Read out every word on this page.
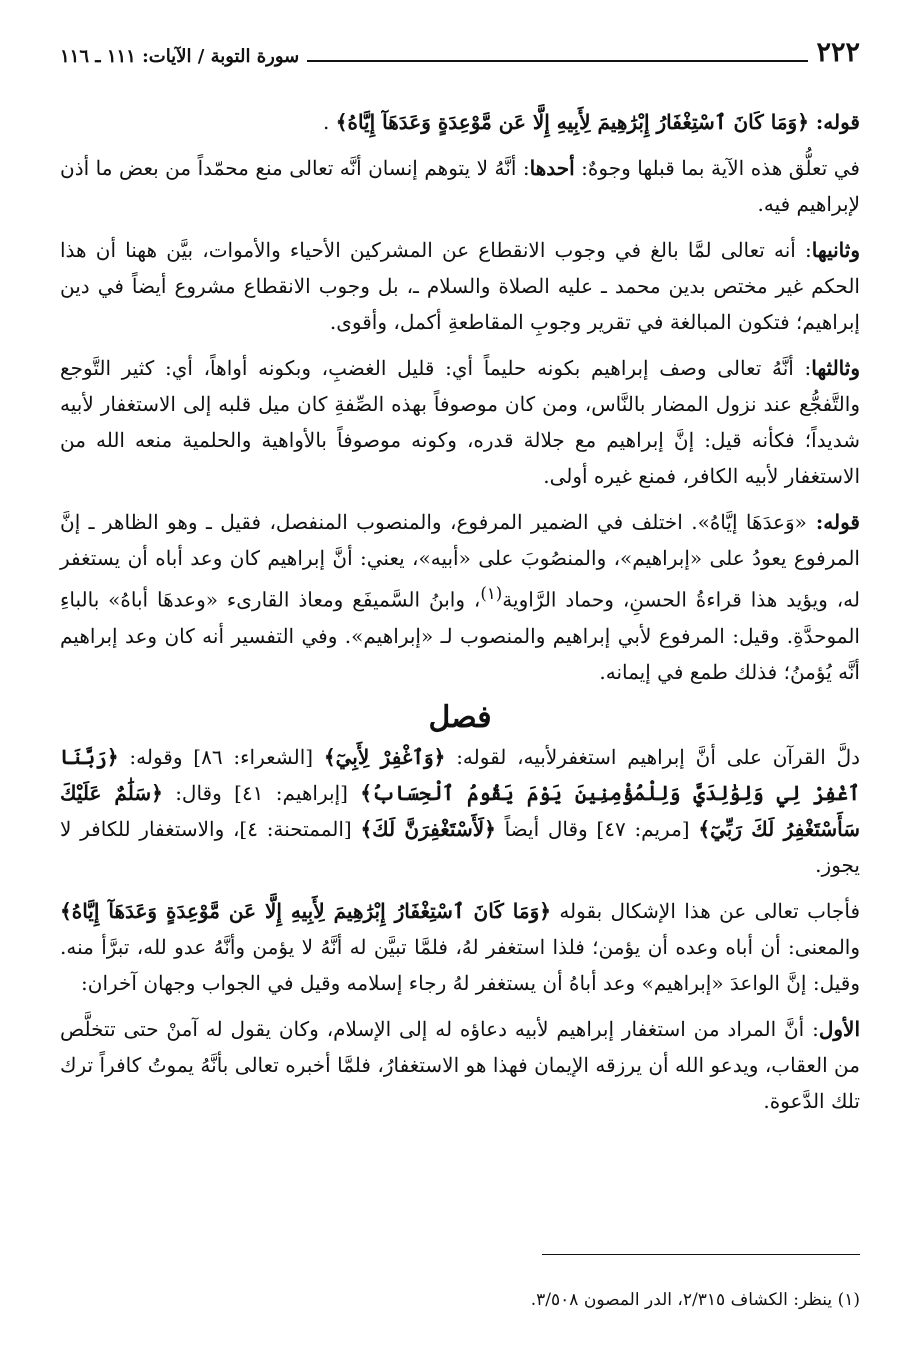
٢٢٢
سورة التوبة / الآيات: ١١١ ـ ١١٦

قوله: ﴿وَمَا كَانَ ٱسْتِغْفَارُ إِبْرَٰهِيمَ لِأَبِيهِ إِلَّا عَن مَّوْعِدَةٍ وَعَدَهَآ إِيَّاهُ﴾ .

في تعلُّق هذه الآية بما قبلها وجوهٌ: أحدها: أنَّهُ لا يتوهم إنسان أنَّه تعالى منع محمّداً من بعض ما أذن لإبراهيم فيه.

وثانيها: أنه تعالى لمَّا بالغ في وجوب الانقطاع عن المشركين الأحياء والأموات، بيَّن ههنا أن هذا الحكم غير مختص بدين محمد ـ عليه الصلاة والسلام ـ، بل وجوب الانقطاع مشروع أيضاً في دين إبراهيم؛ فتكون المبالغة في تقرير وجوبِ المقاطعةِ أكمل، وأقوى.

وثالثها: أنَّهُ تعالى وصف إبراهيم بكونه حليماً أي: قليل الغضبِ، وبكونه أواهاً، أي: كثير التَّوجع والتَّفجُّع عند نزول المضار بالنَّاس، ومن كان موصوفاً بهذه الصِّفةِ كان ميل قلبه إلى الاستغفار لأبيه شديداً؛ فكأنه قيل: إنَّ إبراهيم مع جلالة قدره، وكونه موصوفاً بالأواهية والحلمية منعه الله من الاستغفار لأبيه الكافر، فمنع غيره أولى.

قوله: «وَعدَهَا إيَّاهُ». اختلف في الضمير المرفوع، والمنصوب المنفصل، فقيل ـ وهو الظاهر ـ إنَّ المرفوع يعودُ على «إبراهيم»، والمنصُوبَ على «أبيه»، يعني: أنَّ إبراهيم كان وعد أباه أن يستغفر له، ويؤيد هذا قراءةُ الحسنِ، وحماد الرَّاوية$^{(١)}$، وابنُ السَّميفَع ومعاذ القارىء «وعدهَا أباهُ» بالباءِ الموحدَّةِ. وقيل: المرفوع لأبي إبراهيم والمنصوب لـ «إبراهيم». وفي التفسير أنه كان وعد إبراهيم أنَّه يُؤمنُ؛ فذلك طمع في إيمانه.

فصل

دلَّ القرآن على أنَّ إبراهيم استغفرلأبيه، لقوله: ﴿وَٱغْفِرْ لِأَبِيٓ﴾ [الشعراء: ٨٦] وقوله: ﴿رَبَّنَا ٱغْفِرْ لِي وَلِوَٰلِدَيَّ وَلِلْمُؤْمِنِينَ يَوْمَ يَقُومُ ٱلْحِسَابُ﴾ [إبراهيم: ٤١] وقال: ﴿سَلَٰمٌ عَلَيْكَ سَأَسْتَغْفِرُ لَكَ رَبِّيٓ﴾ [مريم: ٤٧] وقال أيضاً ﴿لَأَسْتَغْفِرَنَّ لَكَ﴾ [الممتحنة: ٤]، والاستغفار للكافر لا يجوز.

فأجاب تعالى عن هذا الإشكال بقوله ﴿وَمَا كَانَ ٱسْتِغْفَارُ إِبْرَٰهِيمَ لِأَبِيهِ إِلَّا عَن مَّوْعِدَةٍ وَعَدَهَآ إِيَّاهُ﴾ والمعنى: أن أباه وعده أن يؤمن؛ فلذا استغفر لهُ، فلمَّا تبيَّن له أنَّهُ لا يؤمن وأنَّهُ عدو لله، تبرَّأ منه. وقيل: إنَّ الواعدَ «إبراهيم» وعد أباهُ أن يستغفر لهُ رجاء إسلامه وقيل في الجواب وجهان آخران:

الأول: أنَّ المراد من استغفار إبراهيم لأبيه دعاؤه له إلى الإسلام، وكان يقول له آمنْ حتى تتخلَّص من العقاب، ويدعو الله أن يرزقه الإيمان فهذا هو الاستغفارُ، فلمَّا أخبره تعالى بأنَّهُ يموتُ كافراً ترك تلك الدَّعوة.

(١) ينظر: الكشاف ٢/٣١٥، الدر المصون ٣/٥٠٨.
